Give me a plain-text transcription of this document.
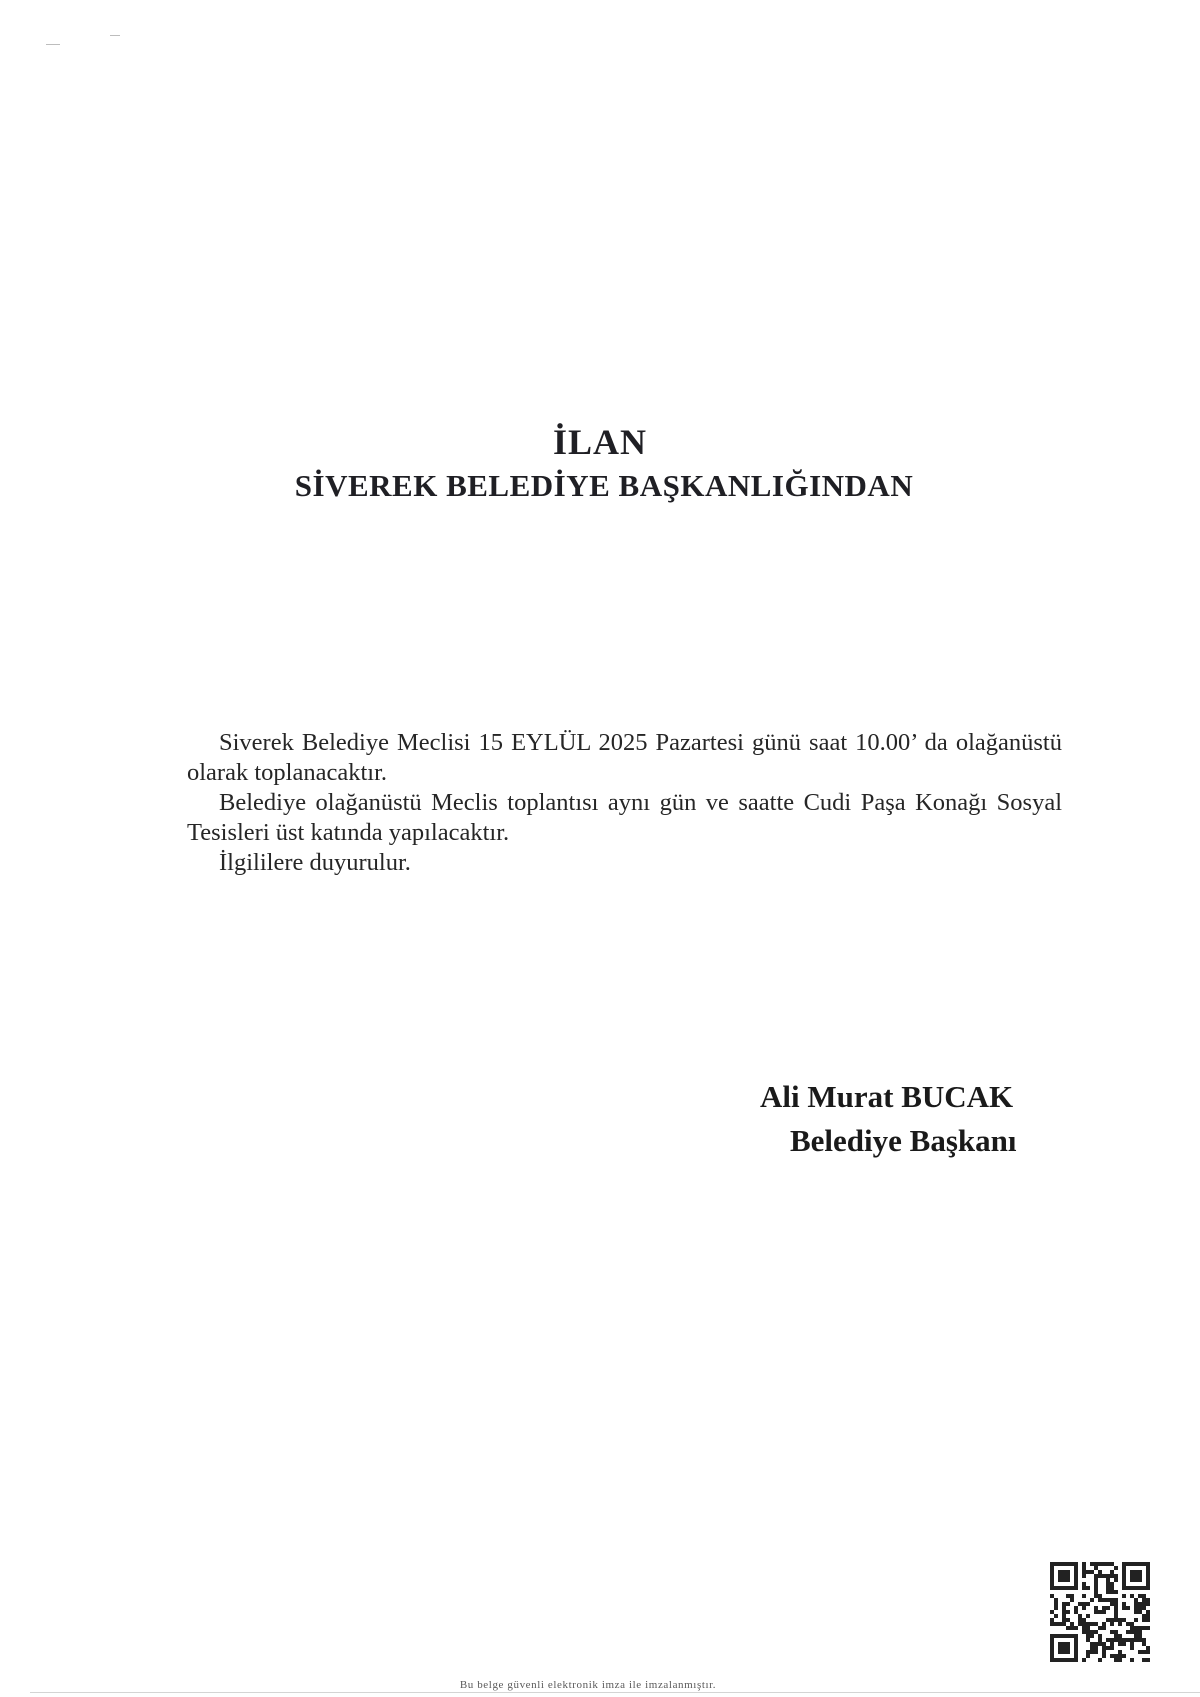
İLAN
SİVEREK BELEDİYE BAŞKANLIĞINDAN
Siverek Belediye Meclisi 15 EYLÜL 2025 Pazartesi günü saat 10.00’ da olağanüstü olarak toplanacaktır.
Belediye olağanüstü Meclis toplantısı aynı gün ve saatte Cudi Paşa Konağı Sosyal Tesisleri üst katında yapılacaktır.
İlgililere duyurulur.
Ali Murat BUCAK
Belediye Başkanı
Bu belge güvenli elektronik imza ile imzalanmıştır.
